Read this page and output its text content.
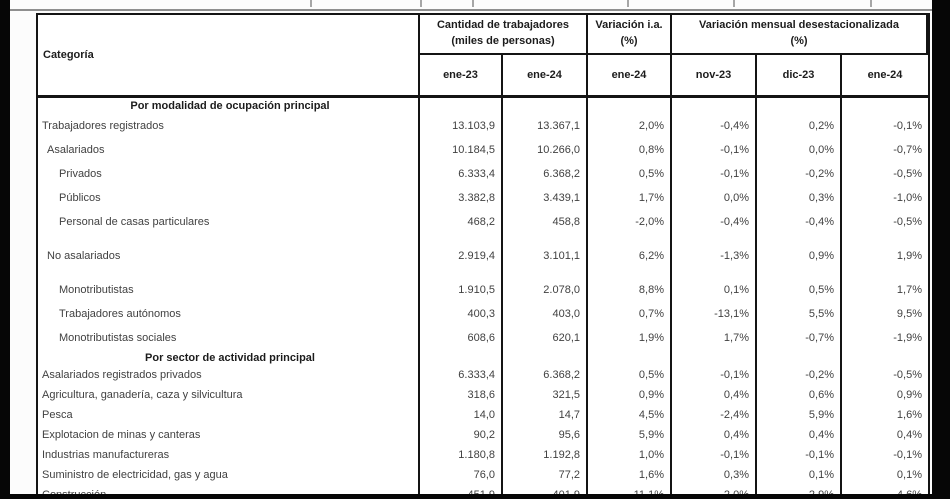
Categoría
Cantidad de trabajadores
(miles de personas)
Variación i.a.
(%)
Variación mensual desestacionalizada
(%)
ene-23	ene-24	ene-24	nov-23	dic-23	ene-24
Por modalidad de ocupación principal
Trabajadores registrados	13.103,9	13.367,1	2,0%	-0,4%	0,2%	-0,1%
Asalariados	10.184,5	10.266,0	0,8%	-0,1%	0,0%	-0,7%
Privados	6.333,4	6.368,2	0,5%	-0,1%	-0,2%	-0,5%
Públicos	3.382,8	3.439,1	1,7%	0,0%	0,3%	-1,0%
Personal de casas particulares	468,2	458,8	-2,0%	-0,4%	-0,4%	-0,5%
No asalariados	2.919,4	3.101,1	6,2%	-1,3%	0,9%	1,9%
Monotributistas	1.910,5	2.078,0	8,8%	0,1%	0,5%	1,7%
Trabajadores autónomos	400,3	403,0	0,7%	-13,1%	5,5%	9,5%
Monotributistas sociales	608,6	620,1	1,9%	1,7%	-0,7%	-1,9%
Por sector de actividad principal
Asalariados registrados privados	6.333,4	6.368,2	0,5%	-0,1%	-0,2%	-0,5%
Agricultura, ganadería, caza y silvicultura	318,6	321,5	0,9%	0,4%	0,6%	0,9%
Pesca	14,0	14,7	4,5%	-2,4%	5,9%	1,6%
Explotacion de minas y canteras	90,2	95,6	5,9%	0,4%	0,4%	0,4%
Industrias manufactureras	1.180,8	1.192,8	1,0%	-0,1%	-0,1%	-0,1%
Suministro de electricidad, gas y agua	76,0	77,2	1,6%	0,3%	0,1%	0,1%
